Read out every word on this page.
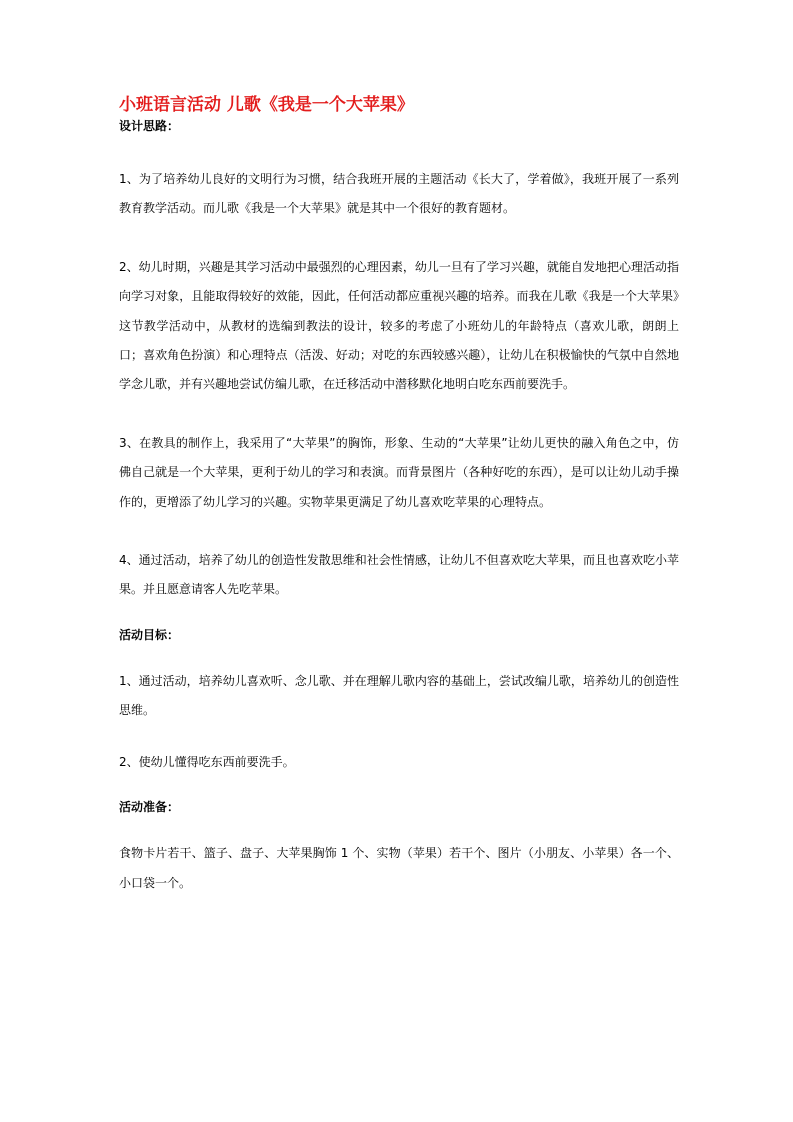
小班语言活动 儿歌《我是一个大苹果》

设计思路：

1、为了培养幼儿良好的文明行为习惯，结合我班开展的主题活动《长大了，学着做》，我班开展了一系列教育教学活动。而儿歌《我是一个大苹果》就是其中一个很好的教育题材。

2、幼儿时期，兴趣是其学习活动中最强烈的心理因素，幼儿一旦有了学习兴趣，就能自发地把心理活动指向学习对象，且能取得较好的效能，因此，任何活动都应重视兴趣的培养。而我在儿歌《我是一个大苹果》这节教学活动中，从教材的选编到教法的设计，较多的考虑了小班幼儿的年龄特点（喜欢儿歌，朗朗上口；喜欢角色扮演）和心理特点（活泼、好动；对吃的东西较感兴趣），让幼儿在积极愉快的气氛中自然地学念儿歌，并有兴趣地尝试仿编儿歌，在迁移活动中潜移默化地明白吃东西前要洗手。

3、在教具的制作上，我采用了“大苹果”的胸饰，形象、生动的“大苹果”让幼儿更快的融入角色之中，仿佛自己就是一个大苹果，更利于幼儿的学习和表演。而背景图片（各种好吃的东西），是可以让幼儿动手操作的，更增添了幼儿学习的兴趣。实物苹果更满足了幼儿喜欢吃苹果的心理特点。

4、通过活动，培养了幼儿的创造性发散思维和社会性情感，让幼儿不但喜欢吃大苹果，而且也喜欢吃小苹果。并且愿意请客人先吃苹果。

活动目标：

1、通过活动，培养幼儿喜欢听、念儿歌、并在理解儿歌内容的基础上，尝试改编儿歌，培养幼儿的创造性思维。

2、使幼儿懂得吃东西前要洗手。

活动准备：

食物卡片若干、篮子、盘子、大苹果胸饰 1 个、实物（苹果）若干个、图片（小朋友、小苹果）各一个、小口袋一个。
